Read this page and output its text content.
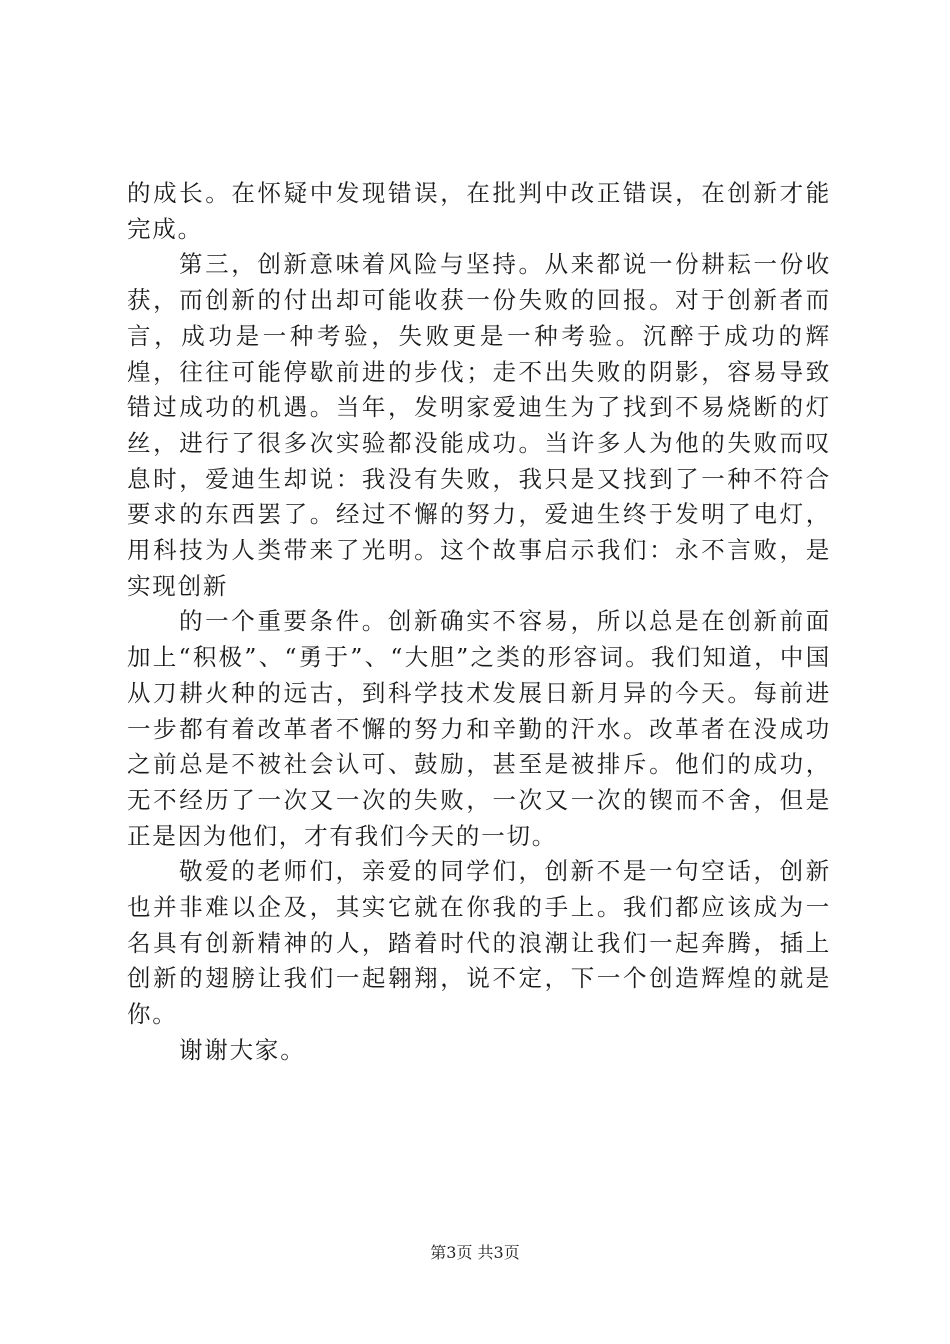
的成长。在怀疑中发现错误，在批判中改正错误，在创新才能完成。

第三，创新意味着风险与坚持。从来都说一份耕耘一份收获，而创新的付出却可能收获一份失败的回报。对于创新者而言，成功是一种考验，失败更是一种考验。沉醉于成功的辉煌，往往可能停歇前进的步伐；走不出失败的阴影，容易导致错过成功的机遇。当年，发明家爱迪生为了找到不易烧断的灯丝，进行了很多次实验都没能成功。当许多人为他的失败而叹息时，爱迪生却说：我没有失败，我只是又找到了一种不符合要求的东西罢了。经过不懈的努力，爱迪生终于发明了电灯，用科技为人类带来了光明。这个故事启示我们：永不言败，是实现创新

的一个重要条件。创新确实不容易，所以总是在创新前面加上“积极”、“勇于”、“大胆”之类的形容词。我们知道，中国从刀耕火种的远古，到科学技术发展日新月异的今天。每前进一步都有着改革者不懈的努力和辛勤的汗水。改革者在没成功之前总是不被社会认可、鼓励，甚至是被排斥。他们的成功，无不经历了一次又一次的失败，一次又一次的锲而不舍，但是正是因为他们，才有我们今天的一切。

敬爱的老师们，亲爱的同学们，创新不是一句空话，创新也并非难以企及，其实它就在你我的手上。我们都应该成为一名具有创新精神的人，踏着时代的浪潮让我们一起奔腾，插上创新的翅膀让我们一起翱翔，说不定，下一个创造辉煌的就是你。

谢谢大家。

第3页 共3页
